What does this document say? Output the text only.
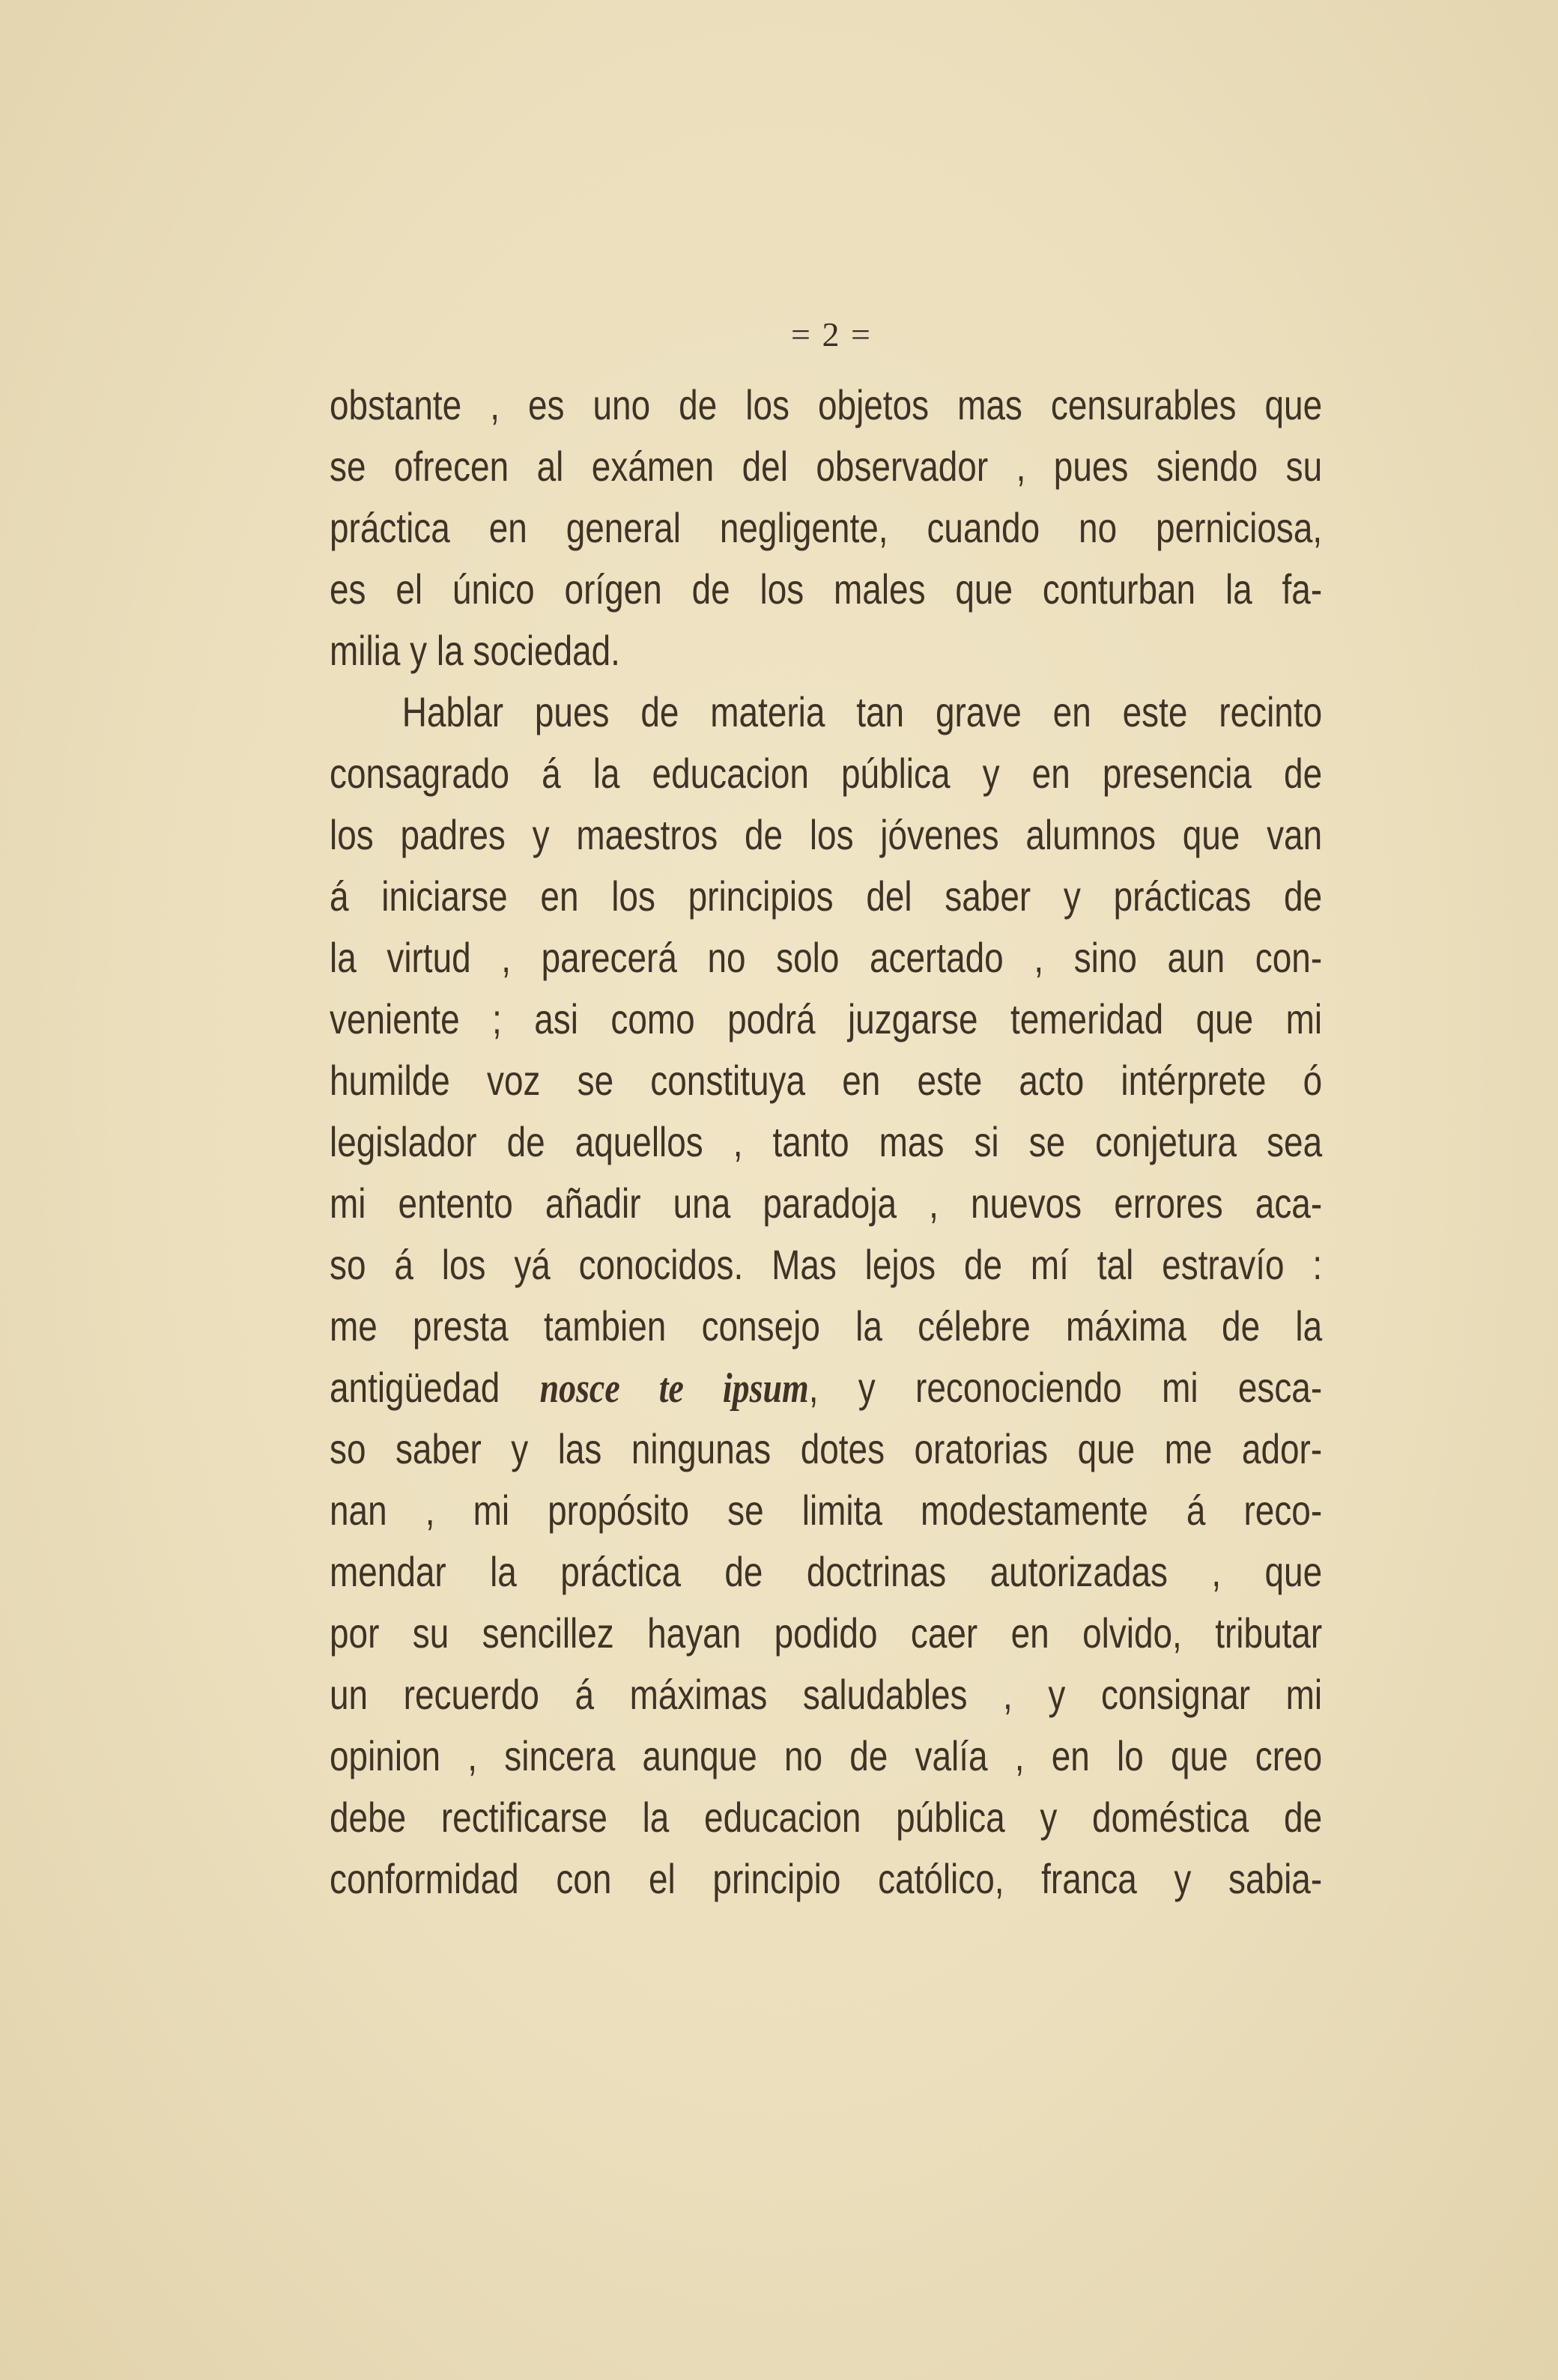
= 2 =
obstante , es uno de los objetos mas censurables que
se ofrecen al exámen del observador , pues siendo su
práctica en general negligente, cuando no perniciosa,
es el único orígen de los males que conturban la fa-
milia y la sociedad.
Hablar pues de materia tan grave en este recinto
consagrado á la educacion pública y en presencia de
los padres y maestros de los jóvenes alumnos que van
á iniciarse en los principios del saber y prácticas de
la virtud , parecerá no solo acertado , sino aun con-
veniente ; asi como podrá juzgarse temeridad que mi
humilde voz se constituya en este acto intérprete ó
legislador de aquellos , tanto mas si se conjetura sea
mi entento añadir una paradoja , nuevos errores aca-
so á los yá conocidos. Mas lejos de mí tal estravío :
me presta tambien consejo la célebre máxima de la
antigüedad nosce te ipsum, y reconociendo mi esca-
so saber y las ningunas dotes oratorias que me ador-
nan , mi propósito se limita modestamente á reco-
mendar la práctica de doctrinas autorizadas , que
por su sencillez hayan podido caer en olvido, tributar
un recuerdo á máximas saludables , y consignar mi
opinion , sincera aunque no de valía , en lo que creo
debe rectificarse la educacion pública y doméstica de
conformidad con el principio católico, franca y sabia-
